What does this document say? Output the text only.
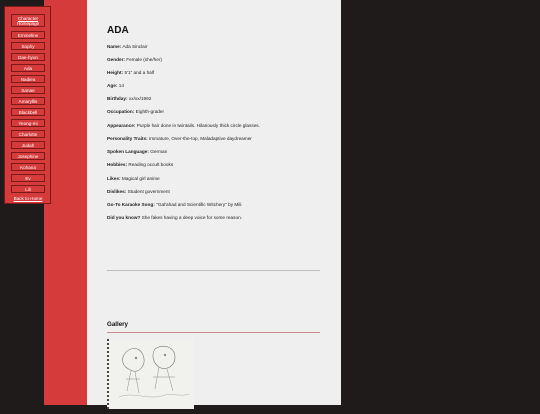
Character Homepage
Emmeline
Sophy
Dae-hyun
Ada
Nadiea
Sanae
Amaryllis
Blackbell
Yeong-mi
Charlotte
Judah
Josephine
Kohana
Ev
Lili
Back to Home
ADA
Name: Ada Sinclair
Gender: Female (she/her)
Height: 5'1" and a half
Age: 14
Birthday: xx/xx/1992
Occupation: Eighth-grader
Appearance: Purple hair done in twintails. Hilariously thick circle glasses.
Personality Traits: Immature, Over-the-top, Maladaptive daydreamer
Spoken Language: German
Hobbies: Reading occult books
Likes: Magical girl anime
Dislikes: Student government
Go-To Karaoke Song: "Gal'ahad and Scientific Witchery" by Mili
Did you know? She fakes having a deep voice for some reason.
Gallery
